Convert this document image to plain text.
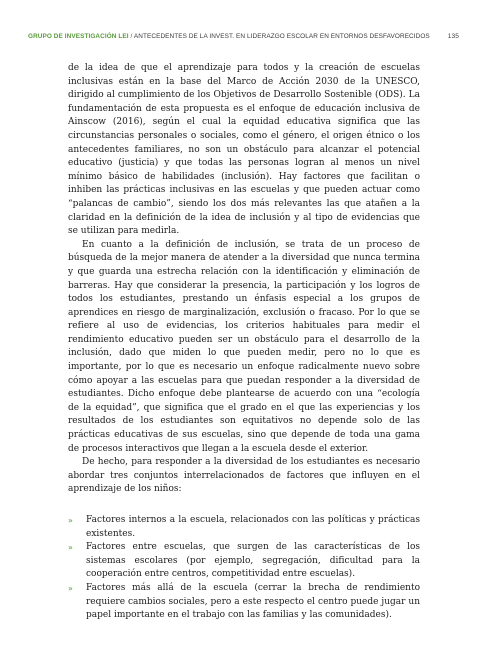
GRUPO DE INVESTIGACIÓN LEI / ANTECEDENTES DE LA INVEST. EN LIDERAZGO ESCOLAR EN ENTORNOS DESFAVORECIDOS	135

de la idea de que el aprendizaje para todos y la creación de escuelas inclusivas están en la base del Marco de Acción 2030 de la UNESCO, dirigido al cumplimiento de los Objetivos de Desarrollo Sostenible (ODS). La fundamentación de esta propuesta es el enfoque de educación inclusiva de Ainscow (2016), según el cual la equidad educativa significa que las circunstancias personales o sociales, como el género, el origen étnico o los antecedentes familiares, no son un obstáculo para alcanzar el potencial educativo (justicia) y que todas las personas logran al menos un nivel mínimo básico de habilidades (inclusión). Hay factores que facilitan o inhiben las prácticas inclusivas en las escuelas y que pueden actuar como “palancas de cambio”, siendo los dos más relevantes las que atañen a la claridad en la definición de la idea de inclusión y al tipo de evidencias que se utilizan para medirla.

En cuanto a la definición de inclusión, se trata de un proceso de búsqueda de la mejor manera de atender a la diversidad que nunca termina y que guarda una estrecha relación con la identificación y eliminación de barreras. Hay que considerar la presencia, la participación y los logros de todos los estudiantes, prestando un énfasis especial a los grupos de aprendices en riesgo de marginalización, exclusión o fracaso. Por lo que se refiere al uso de evidencias, los criterios habituales para medir el rendimiento educativo pueden ser un obstáculo para el desarrollo de la inclusión, dado que miden lo que pueden medir, pero no lo que es importante, por lo que es necesario un enfoque radicalmente nuevo sobre cómo apoyar a las escuelas para que puedan responder a la diversidad de estudiantes. Dicho enfoque debe plantearse de acuerdo con una “ecología de la equidad”, que significa que el grado en el que las experiencias y los resultados de los estudiantes son equitativos no depende solo de las prácticas educativas de sus escuelas, sino que depende de toda una gama de procesos interactivos que llegan a la escuela desde el exterior.

De hecho, para responder a la diversidad de los estudiantes es necesario abordar tres conjuntos interrelacionados de factores que influyen en el aprendizaje de los niños:

» Factores internos a la escuela, relacionados con las políticas y prácticas existentes.
» Factores entre escuelas, que surgen de las características de los sistemas escolares (por ejemplo, segregación, dificultad para la cooperación entre centros, competitividad entre escuelas).
» Factores más allá de la escuela (cerrar la brecha de rendimiento requiere cambios sociales, pero a este respecto el centro puede jugar un papel importante en el trabajo con las familias y las comunidades).
